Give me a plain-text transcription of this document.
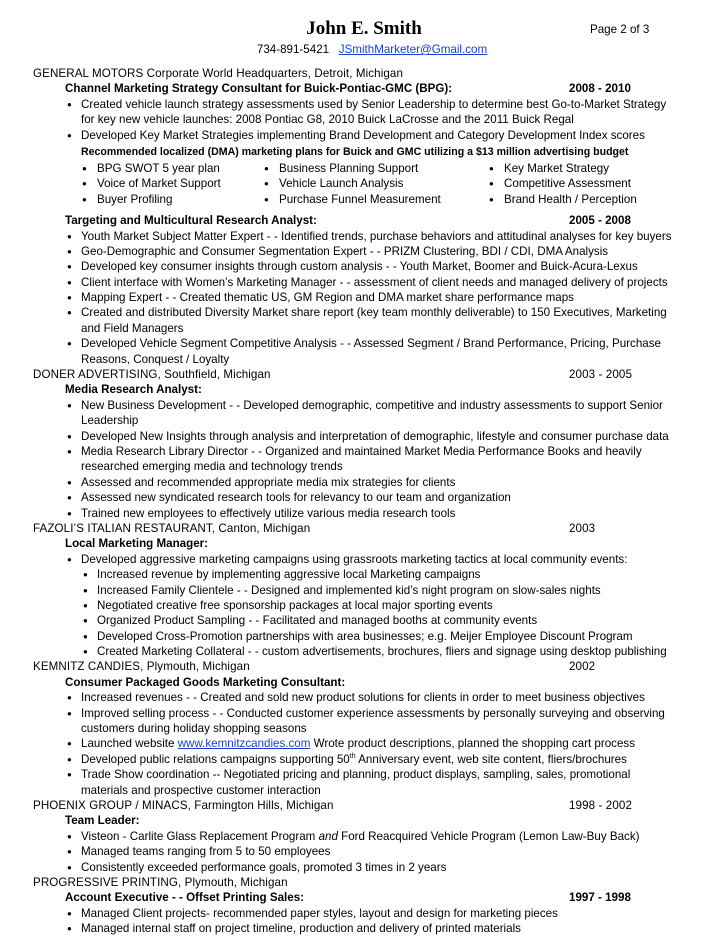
John E. Smith	Page 2 of 3
734-891-5421 JSmithMarketer@Gmail.com
GENERAL MOTORS Corporate World Headquarters, Detroit, Michigan
Channel Marketing Strategy Consultant for Buick-Pontiac-GMC (BPG):	2008 - 2010
● Created vehicle launch strategy assessments used by Senior Leadership to determine best Go-to-Market Strategy
for key new vehicle launches: 2008 Pontiac G8, 2010 Buick LaCrosse and the 2011 Buick Regal
● Developed Key Market Strategies implementing Brand Development and Category Development Index scores
Recommended localized (DMA) marketing plans for Buick and GMC utilizing a $13 million advertising budget
● BPG SWOT 5 year plan	● Business Planning Support	● Key Market Strategy
● Voice of Market Support	● Vehicle Launch Analysis	● Competitive Assessment
● Buyer Profiling	● Purchase Funnel Measurement	● Brand Health / Perception
Targeting and Multicultural Research Analyst:	2005 - 2008
● Youth Market Subject Matter Expert - - Identified trends, purchase behaviors and attitudinal analyses for key buyers
● Geo-Demographic and Consumer Segmentation Expert - - PRIZM Clustering, BDI / CDI, DMA Analysis
● Developed key consumer insights through custom analysis - - Youth Market, Boomer and Buick-Acura-Lexus
● Client interface with Women’s Marketing Manager - - assessment of client needs and managed delivery of projects
● Mapping Expert - - Created thematic US, GM Region and DMA market share performance maps
● Created and distributed Diversity Market share report (key team monthly deliverable) to 150 Executives, Marketing
and Field Managers
● Developed Vehicle Segment Competitive Analysis - - Assessed Segment / Brand Performance, Pricing, Purchase
Reasons, Conquest / Loyalty
DONER ADVERTISING, Southfield, Michigan	2003 - 2005
Media Research Analyst:
● New Business Development - - Developed demographic, competitive and industry assessments to support Senior
Leadership
● Developed New Insights through analysis and interpretation of demographic, lifestyle and consumer purchase data
● Media Research Library Director - - Organized and maintained Market Media Performance Books and heavily
researched emerging media and technology trends
● Assessed and recommended appropriate media mix strategies for clients
● Assessed new syndicated research tools for relevancy to our team and organization
● Trained new employees to effectively utilize various media research tools
FAZOLI’S ITALIAN RESTAURANT, Canton, Michigan	2003
Local Marketing Manager:
● Developed aggressive marketing campaigns using grassroots marketing tactics at local community events:
● Increased revenue by implementing aggressive local Marketing campaigns
● Increased Family Clientele - - Designed and implemented kid’s night program on slow-sales nights
● Negotiated creative free sponsorship packages at local major sporting events
● Organized Product Sampling - - Facilitated and managed booths at community events
● Developed Cross-Promotion partnerships with area businesses; e.g. Meijer Employee Discount Program
● Created Marketing Collateral - - custom advertisements, brochures, fliers and signage using desktop publishing
KEMNITZ CANDIES, Plymouth, Michigan	2002
Consumer Packaged Goods Marketing Consultant:
● Increased revenues - - Created and sold new product solutions for clients in order to meet business objectives
● Improved selling process - - Conducted customer experience assessments by personally surveying and observing
customers during holiday shopping seasons
● Launched website www.kemnitzcandies.com Wrote product descriptions, planned the shopping cart process
● Developed public relations campaigns supporting 50th Anniversary event, web site content, fliers/brochures
● Trade Show coordination -- Negotiated pricing and planning, product displays, sampling, sales, promotional
materials and prospective customer interaction
PHOENIX GROUP / MINACS, Farmington Hills, Michigan	1998 - 2002
Team Leader:
● Visteon - Carlite Glass Replacement Program and Ford Reacquired Vehicle Program (Lemon Law-Buy Back)
● Managed teams ranging from 5 to 50 employees
● Consistently exceeded performance goals, promoted 3 times in 2 years
PROGRESSIVE PRINTING, Plymouth, Michigan
Account Executive - - Offset Printing Sales:	1997 - 1998
● Managed Client projects- recommended paper styles, layout and design for marketing pieces
● Managed internal staff on project timeline, production and delivery of printed materials
